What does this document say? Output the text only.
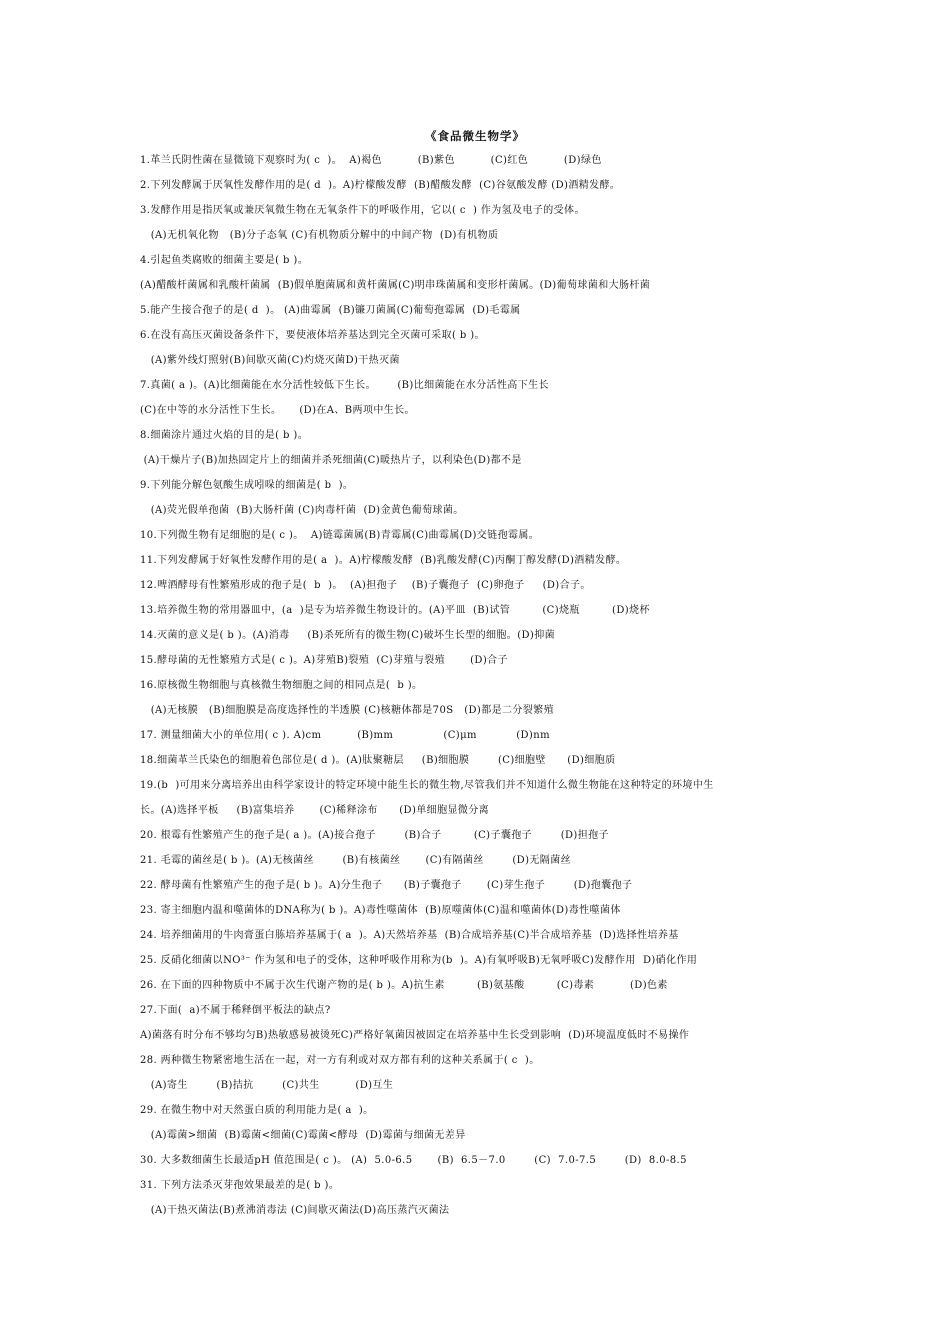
《食品微生物学》
1.革兰氏阴性菌在显微镜下观察时为( c  )。  A)褐色          (B)紫色          (C)红色          (D)绿色
2.下列发酵属于厌氧性发酵作用的是( d  )。A)柠檬酸发酵  (B)醋酸发酵  (C)谷氨酸发酵 (D)酒精发酵。
3.发酵作用是指厌氧或兼厌氧微生物在无氧条件下的呼吸作用，它以( c  ) 作为氢及电子的受体。
(A)无机氧化物   (B)分子态氧 (C)有机物质分解中的中间产物  (D)有机物质
4.引起鱼类腐败的细菌主要是( b )。
(A)醋酸杆菌属和乳酸杆菌属  (B)假单胞菌属和黄杆菌属(C)明串珠菌属和变形杆菌属。(D)葡萄球菌和大肠杆菌
5.能产生接合孢子的是( d  )。 (A)曲霉属  (B)镰刀菌属(C)葡萄孢霉属  (D)毛霉属
6.在没有高压灭菌设备条件下，要使液体培养基达到完全灭菌可采取( b )。
(A)紫外线灯照射(B)间歇灭菌(C)灼烧灭菌D)干热灭菌
7.真菌( a )。(A)比细菌能在水分活性较低下生长。      (B)比细菌能在水分活性高下生长
(C)在中等的水分活性下生长。     (D)在A、B两项中生长。
8.细菌涂片通过火焰的目的是( b )。
(A)干燥片子(B)加热固定片上的细菌并杀死细菌(C)暖热片子，以利染色(D)都不是
9.下列能分解色氨酸生成吲哚的细菌是( b  )。
(A)荧光假单孢菌  (B)大肠杆菌 (C)肉毒杆菌  (D)金黄色葡萄球菌。
10.下列微生物有足细胞的是( c )。  A)链霉菌属(B)青霉属(C)曲霉属(D)交链孢霉属。
11.下列发酵属于好氧性发酵作用的是( a  )。A)柠檬酸发酵  (B)乳酸发酵(C)丙酮丁醇发酵(D)酒精发酵。
12.啤酒酵母有性繁殖形成的孢子是(  b  )。  (A)担孢子    (B)子囊孢子  (C)卵孢子     (D)合子。
13.培养微生物的常用器皿中，(a  )是专为培养微生物设计的。(A)平皿  (B)试管         (C)烧瓶         (D)烧杯
14.灭菌的意义是( b )。(A)消毒     (B)杀死所有的微生物(C)破坏生长型的细胞。(D)抑菌
15.酵母菌的无性繁殖方式是( c )。A)芽殖B)裂殖  (C)芽殖与裂殖       (D)合子
16.原核微生物细胞与真核微生物细胞之间的相同点是(  b )。
(A)无核膜   (B)细胞膜是高度选择性的半透膜 (C)核糖体都是70S   (D)都是二分裂繁殖
17. 测量细菌大小的单位用( c ). A)cm          (B)mm              (C)μm           (D)nm
18.细菌革兰氏染色的细胞着色部位是( d )。(A)肽聚糖层     (B)细胞膜        (C)细胞壁      (D)细胞质
19.(b  )可用来分离培养出由科学家设计的特定环境中能生长的微生物,尽管我们并不知道什么微生物能在这种特定的环境中生
长。(A)选择平板     (B)富集培养       (C)稀释涂布      (D)单细胞显微分离
20. 根霉有性繁殖产生的孢子是( a )。(A)接合孢子        (B)合子         (C)子囊孢子        (D)担孢子
21. 毛霉的菌丝是( b )。(A)无核菌丝        (B)有核菌丝       (C)有隔菌丝        (D)无隔菌丝
22. 酵母菌有性繁殖产生的孢子是( b )。A)分生孢子      (B)子囊孢子       (C)芽生孢子        (D)孢囊孢子
23. 寄主细胞内温和噬菌体的DNA称为( b )。A)毒性噬菌体  (B)原噬菌体(C)温和噬菌体(D)毒性噬菌体
24. 培养细菌用的牛肉膏蛋白胨培养基属于( a  )。A)天然培养基  (B)合成培养基(C)半合成培养基  (D)选择性培养基
25. 反硝化细菌以NO³⁻ 作为氢和电子的受体，这种呼吸作用称为(b  )。A)有氧呼吸B)无氧呼吸C)发酵作用  D)硝化作用
26. 在下面的四种物质中不属于次生代谢产物的是( b )。A)抗生素         (B)氨基酸         (C)毒素          (D)色素
27.下面(  a)不属于稀释倒平板法的缺点?
A)菌落有时分布不够均匀B)热敏感易被烫死C)严格好氧菌因被固定在培养基中生长受到影响  (D)环境温度低时不易操作
28. 两种微生物紧密地生活在一起，对一方有利或对双方都有利的这种关系属于( c  )。
(A)寄生        (B)拮抗        (C)共生          (D)互生
29. 在微生物中对天然蛋白质的利用能力是( a  )。
(A)霉菌>细菌  (B)霉菌<细菌(C)霉菌<酵母  (D)霉菌与细菌无差异
30. 大多数细菌生长最适pH 值范围是( c )。 (A)  5.0-6.5       (B)  6.5－7.0        (C)  7.0-7.5        (D)  8.0-8.5
31. 下列方法杀灭芽孢效果最差的是( b )。
(A)干热灭菌法(B)煮沸消毒法 (C)间歇灭菌法(D)高压蒸汽灭菌法
